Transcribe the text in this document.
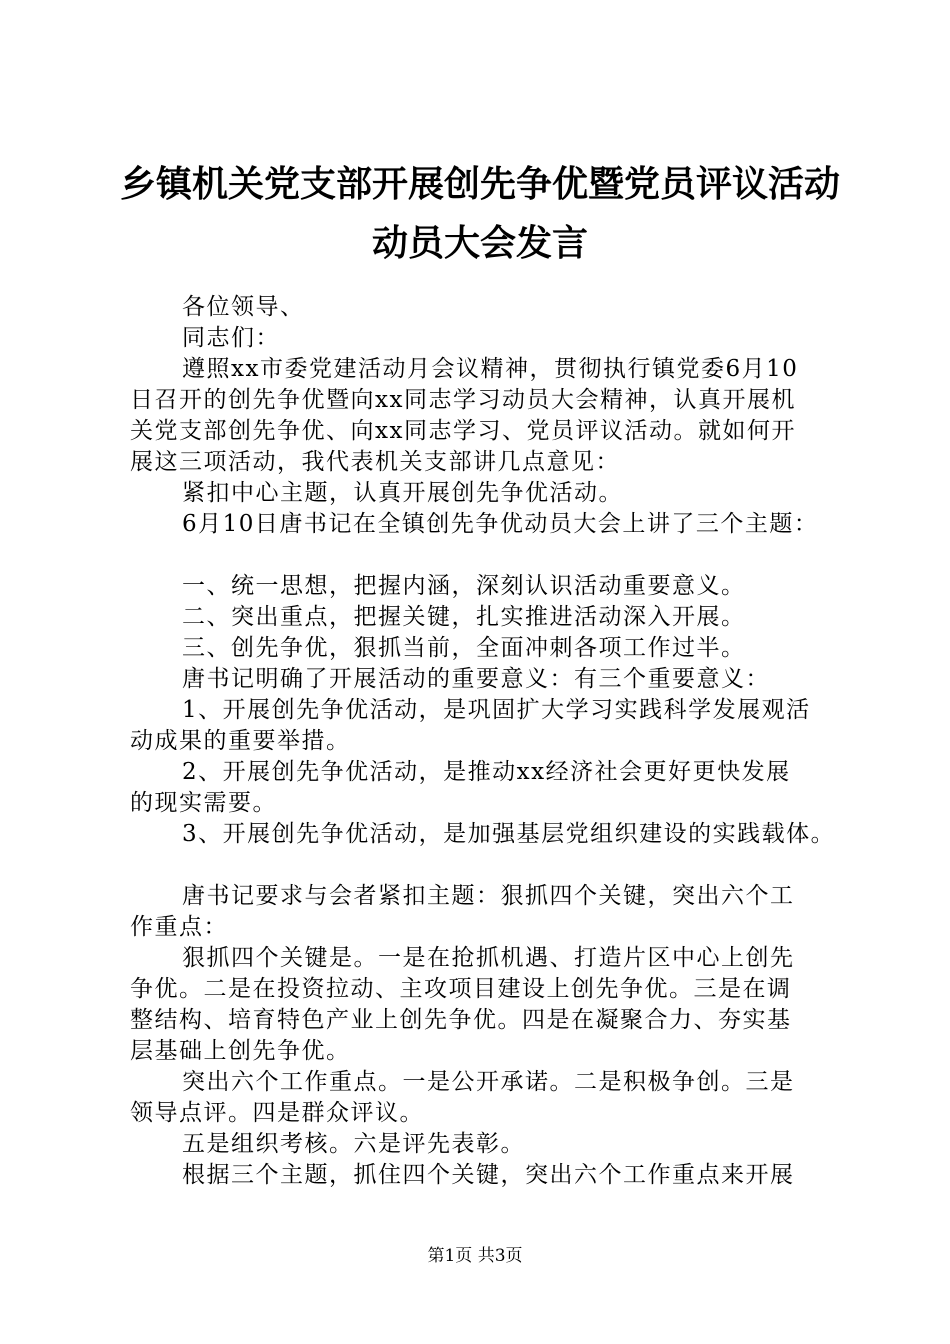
乡镇机关党支部开展创先争优暨党员评议活动
动员大会发言

各位领导、

同志们：

遵照xx市委党建活动月会议精神，贯彻执行镇党委6月10

日召开的创先争优暨向xx同志学习动员大会精神，认真开展机

关党支部创先争优、向xx同志学习、党员评议活动。就如何开

展这三项活动，我代表机关支部讲几点意见：

紧扣中心主题，认真开展创先争优活动。

6月10日唐书记在全镇创先争优动员大会上讲了三个主题：

一、统一思想，把握内涵，深刻认识活动重要意义。

二、突出重点，把握关键，扎实推进活动深入开展。

三、创先争优，狠抓当前，全面冲刺各项工作过半。

唐书记明确了开展活动的重要意义：有三个重要意义：

1、开展创先争优活动，是巩固扩大学习实践科学发展观活

动成果的重要举措。

2、开展创先争优活动，是推动xx经济社会更好更快发展

的现实需要。

3、开展创先争优活动，是加强基层党组织建设的实践载体。

唐书记要求与会者紧扣主题：狠抓四个关键，突出六个工

作重点：

狠抓四个关键是。一是在抢抓机遇、打造片区中心上创先

争优。二是在投资拉动、主攻项目建设上创先争优。三是在调

整结构、培育特色产业上创先争优。四是在凝聚合力、夯实基

层基础上创先争优。

突出六个工作重点。一是公开承诺。二是积极争创。三是

领导点评。四是群众评议。

五是组织考核。六是评先表彰。

根据三个主题，抓住四个关键，突出六个工作重点来开展

第1页 共3页
